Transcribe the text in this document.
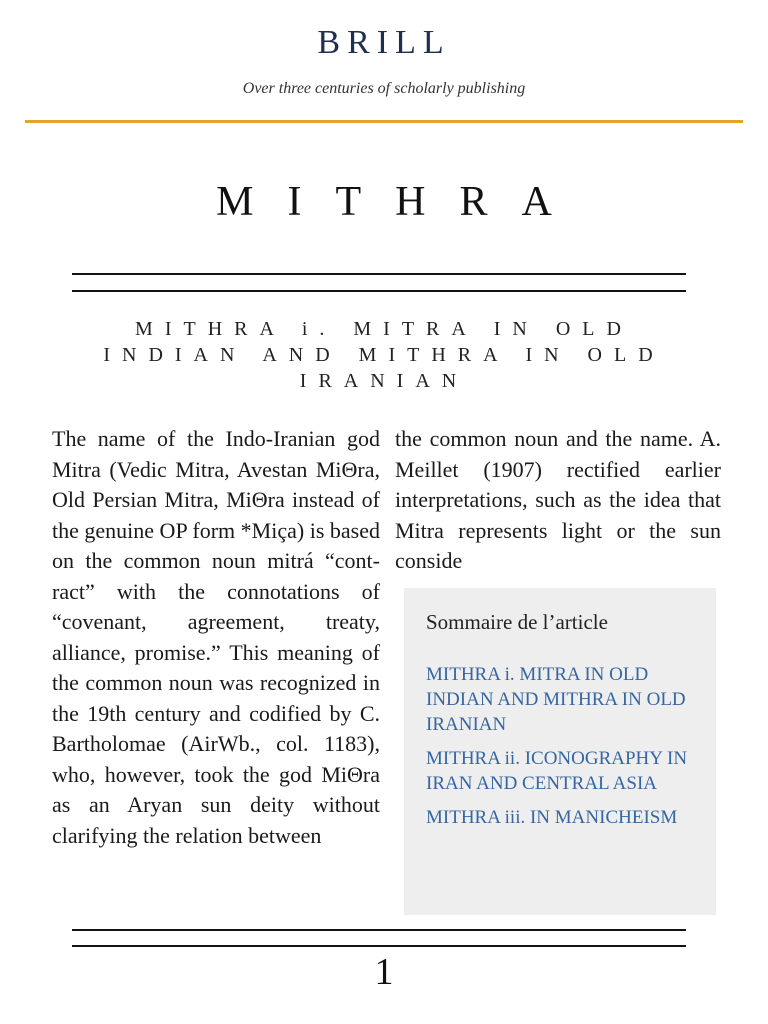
BRILL
Over three centuries of scholarly publishing
MITHRA
MITHRA i. MITRA IN OLD INDIAN AND MITHRA IN OLD IRANIAN
The name of the Indo-Iranian god Mitra (Vedic Mitra, Avestan MiΘra, Old Persian Mitra, MiΘra instead of the genuine OP form *Miça) is based on the common noun mitrá “contract” with the connotations of “covenant, agreement, treaty, alliance, promise.” This meaning of the common noun was recognized in the 19th century and codified by C. Bartholomae (AirWb., col. 1183), who, however, took the god MiΘra as an Aryan sun deity without clarifying the relation between
the common noun and the name. A. Meillet (1907) rectified earlier interpretations, such as the idea that Mitra represents light or the sun conside
Sommaire de l’article
MITHRA i. MITRA IN OLD INDIAN AND MITHRA IN OLD IRANIAN
MITHRA ii. ICONOGRAPHY IN IRAN AND CENTRAL ASIA
MITHRA iii. IN MANICHEISM
1
